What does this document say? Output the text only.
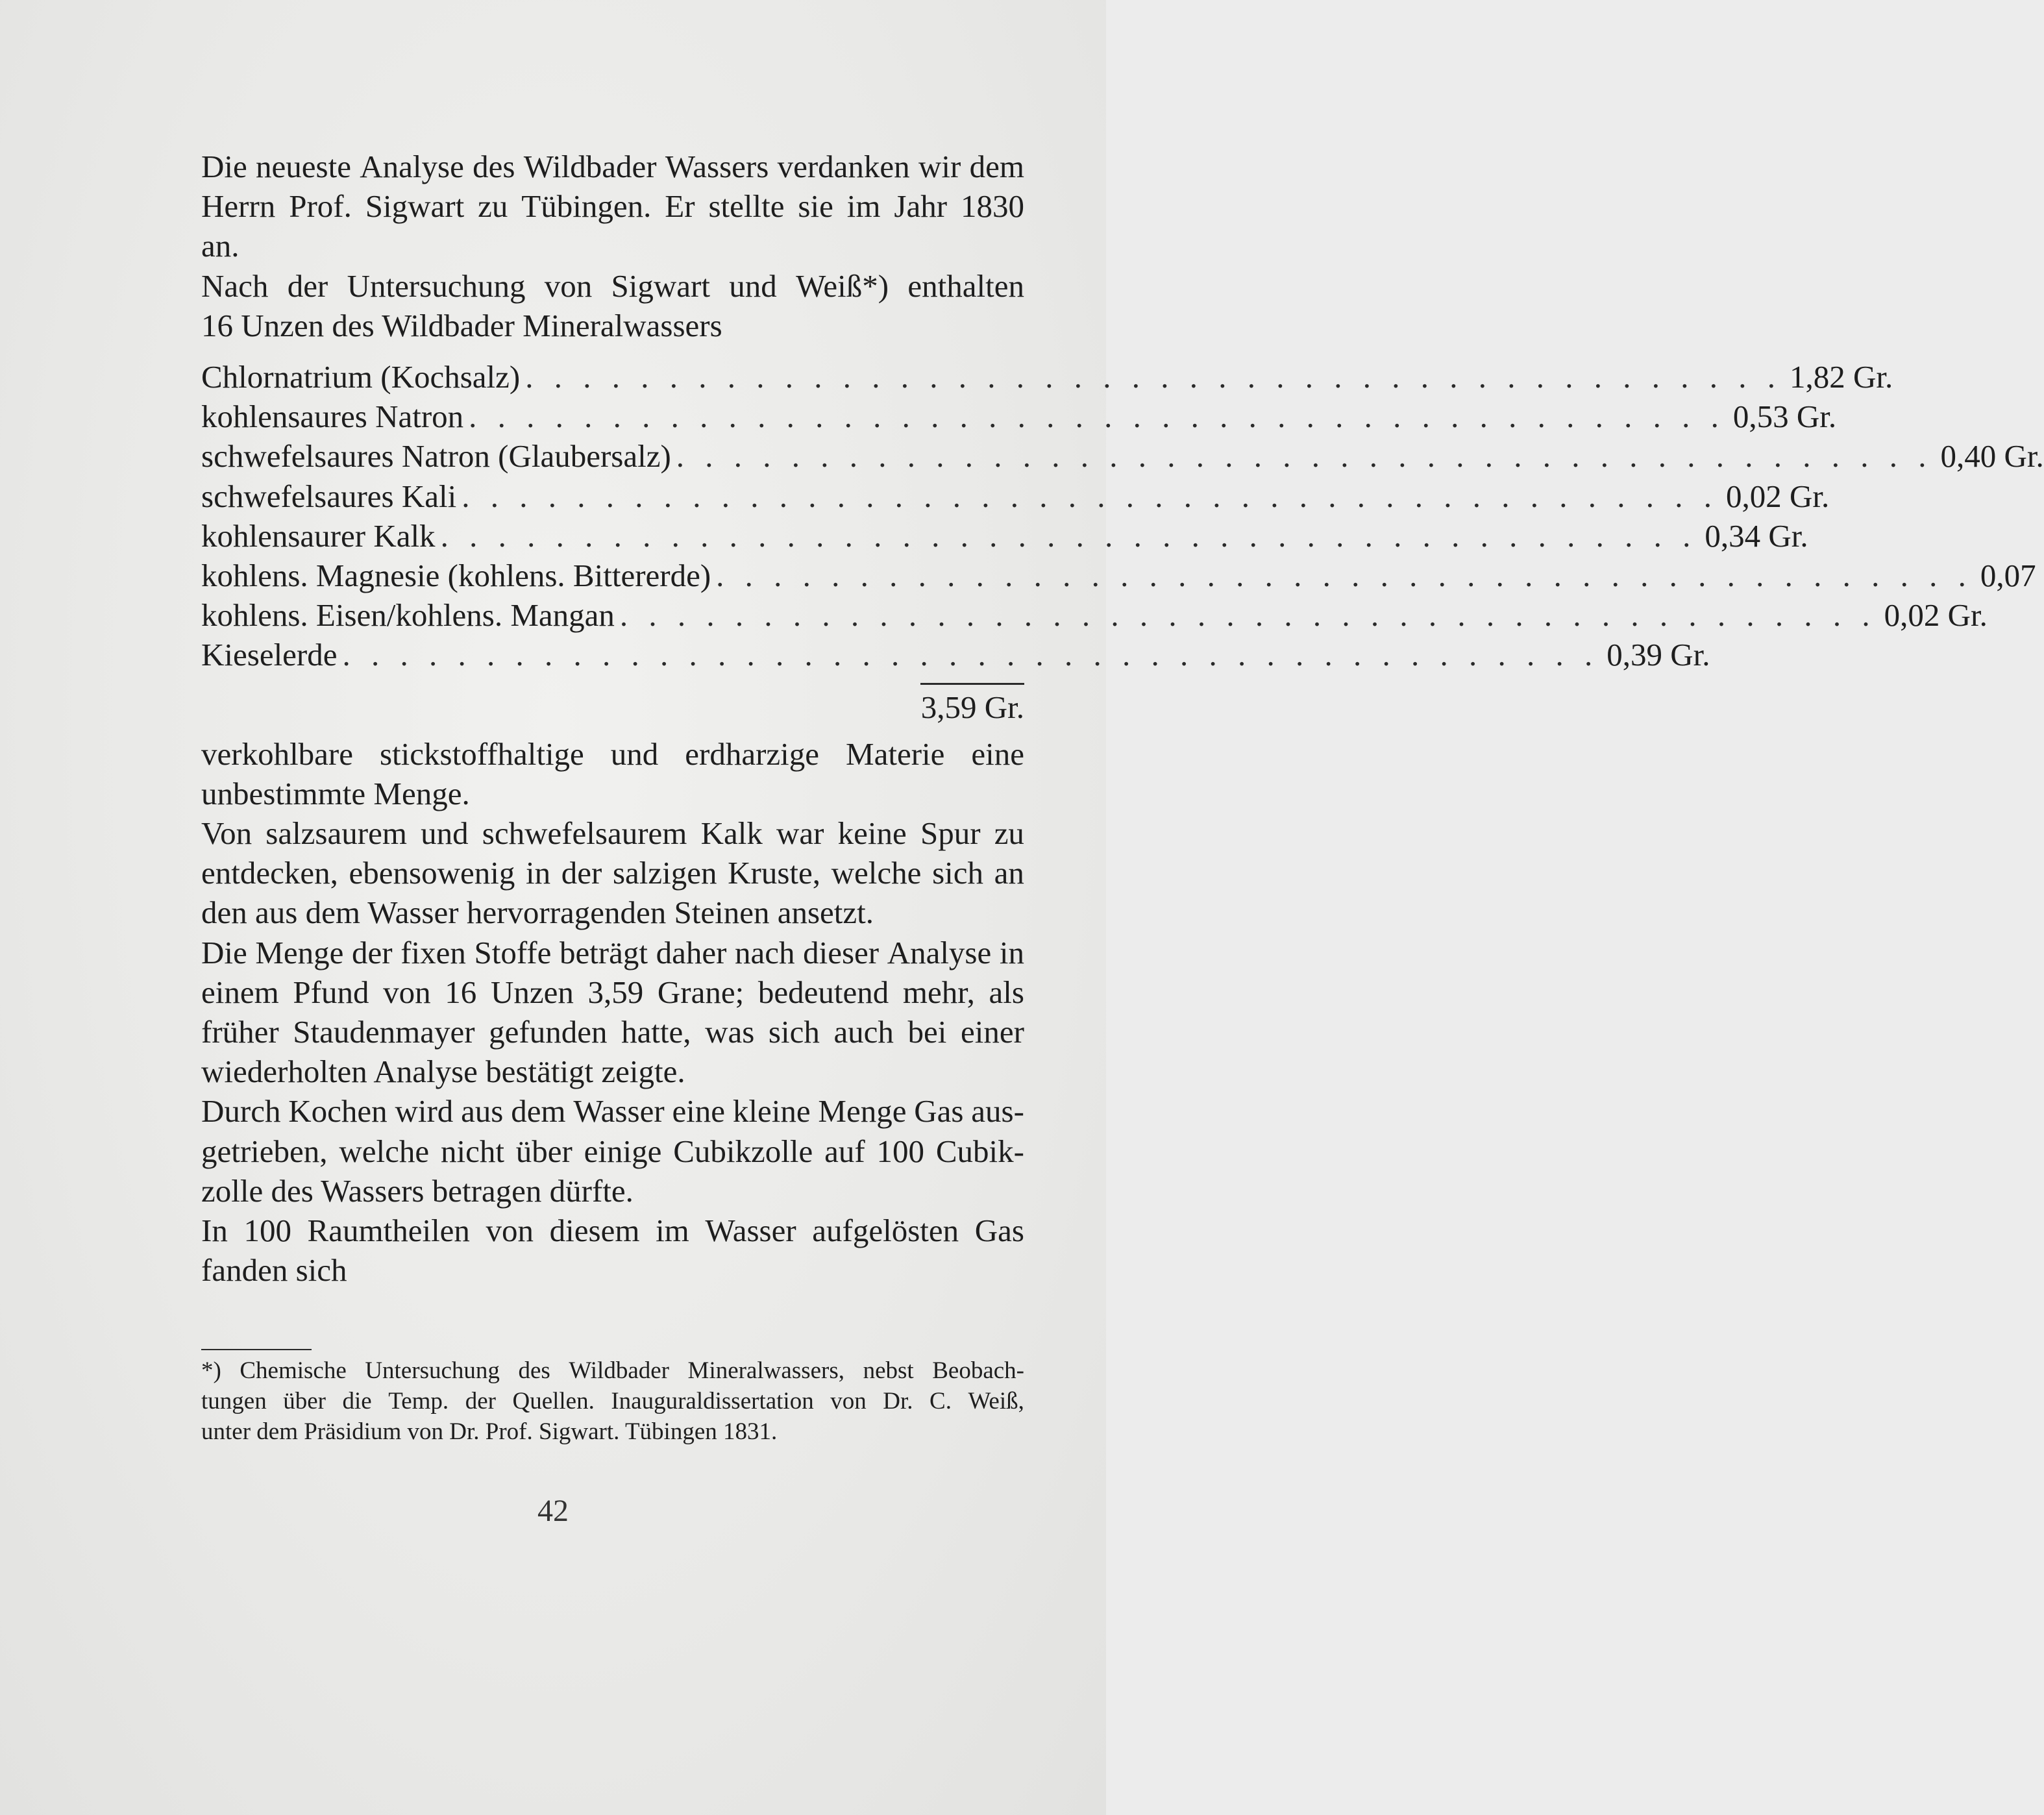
Die neueste Analyse des Wildbader Wassers verdanken wir dem
Herrn Prof. Sigwart zu Tübingen. Er stellte sie im Jahr 1830
an.

Nach der Untersuchung von Sigwart und Weiß*) enthalten
16 Unzen des Wildbader Mineralwassers

Chlornatrium (Kochsalz) . . . . . . . . . . . . . . . . . . . . . . . . . . . . . . . . . . . . . . . . . . . . 1,82 Gr.
kohlensaures Natron . . . . . . . . . . . . . . . . . . . . . . . . . . . . . . . . . . . . . . . . . . . . 0,53 Gr.
schwefelsaures Natron (Glaubersalz) . . . . . . . . . . . . . . . . . . . . . . . . . . . . . . . . . . . . . . . . . . . . 0,40 Gr.
schwefelsaures Kali . . . . . . . . . . . . . . . . . . . . . . . . . . . . . . . . . . . . . . . . . . . . 0,02 Gr.
kohlensaurer Kalk . . . . . . . . . . . . . . . . . . . . . . . . . . . . . . . . . . . . . . . . . . . . 0,34 Gr.
kohlens. Magnesie (kohlens. Bittererde) . . . . . . . . . . . . . . . . . . . . . . . . . . . . . . . . . . . . . . . . . . . . 0,07
kohlens. Eisen/kohlens. Mangan . . . . . . . . . . . . . . . . . . . . . . . . . . . . . . . . . . . . . . . . . . . . 0,02 Gr.
Kieselerde . . . . . . . . . . . . . . . . . . . . . . . . . . . . . . . . . . . . . . . . . . . . 0,39 Gr.
3,59 Gr.

verkohlbare stickstoffhaltige und erdharzige Materie eine
unbestimmte Menge.

Von salzsaurem und schwefelsaurem Kalk war keine Spur zu
entdecken, ebensowenig in der salzigen Kruste, welche sich an
den aus dem Wasser hervorragenden Steinen ansetzt.

Die Menge der fixen Stoffe beträgt daher nach dieser Analyse in
einem Pfund von 16 Unzen 3,59 Grane; bedeutend mehr, als
früher Staudenmayer gefunden hatte, was sich auch bei einer
wiederholten Analyse bestätigt zeigte.

Durch Kochen wird aus dem Wasser eine kleine Menge Gas aus-
getrieben, welche nicht über einige Cubikzolle auf 100 Cubik-
zolle des Wassers betragen dürfte.

In 100 Raumtheilen von diesem im Wasser aufgelösten Gas
fanden sich

*) Chemische Untersuchung des Wildbader Mineralwassers, nebst Beobach-
tungen über die Temp. der Quellen. Inauguraldissertation von Dr. C. Weiß,
unter dem Präsidium von Dr. Prof. Sigwart. Tübingen 1831.
42
